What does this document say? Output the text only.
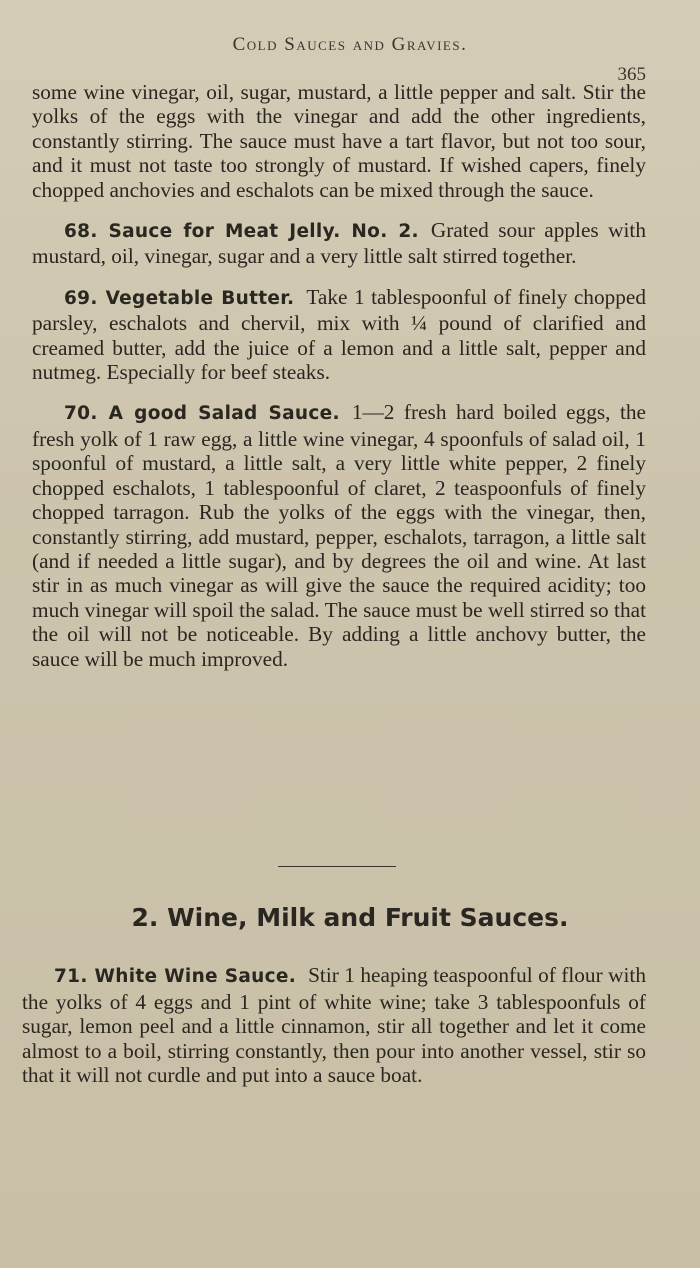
Cold Sauces and Gravies.
365

some wine vinegar, oil, sugar, mustard, a little pepper and salt. Stir the yolks of the eggs with the vinegar and add the other ingredients, constantly stirring. The sauce must have a tart flavor, but not too sour, and it must not taste too strongly of mustard. If wished capers, finely chopped anchovies and eschalots can be mixed through the sauce.

68. Sauce for Meat Jelly. No. 2. Grated sour apples with mustard, oil, vinegar, sugar and a very little salt stirred together.

69. Vegetable Butter. Take 1 tablespoonful of finely chopped parsley, eschalots and chervil, mix with ¼ pound of clarified and creamed butter, add the juice of a lemon and a little salt, pepper and nutmeg. Especially for beef steaks.

70. A good Salad Sauce. 1—2 fresh hard boiled eggs, the fresh yolk of 1 raw egg, a little wine vinegar, 4 spoonfuls of salad oil, 1 spoonful of mustard, a little salt, a very little white pepper, 2 finely chopped eschalots, 1 tablespoonful of claret, 2 teaspoonfuls of finely chopped tarragon. Rub the yolks of the eggs with the vinegar, then, constantly stirring, add mustard, pepper, eschalots, tarragon, a little salt (and if needed a little sugar), and by degrees the oil and wine. At last stir in as much vinegar as will give the sauce the required acidity; too much vinegar will spoil the salad. The sauce must be well stirred so that the oil will not be noticeable. By adding a little anchovy butter, the sauce will be much improved.

2. Wine, Milk and Fruit Sauces.

71. White Wine Sauce. Stir 1 heaping teaspoonful of flour with the yolks of 4 eggs and 1 pint of white wine; take 3 tablespoonfuls of sugar, lemon peel and a little cinnamon, stir all together and let it come almost to a boil, stirring constantly, then pour into another vessel, stir so that it will not curdle and put into a sauce boat.
